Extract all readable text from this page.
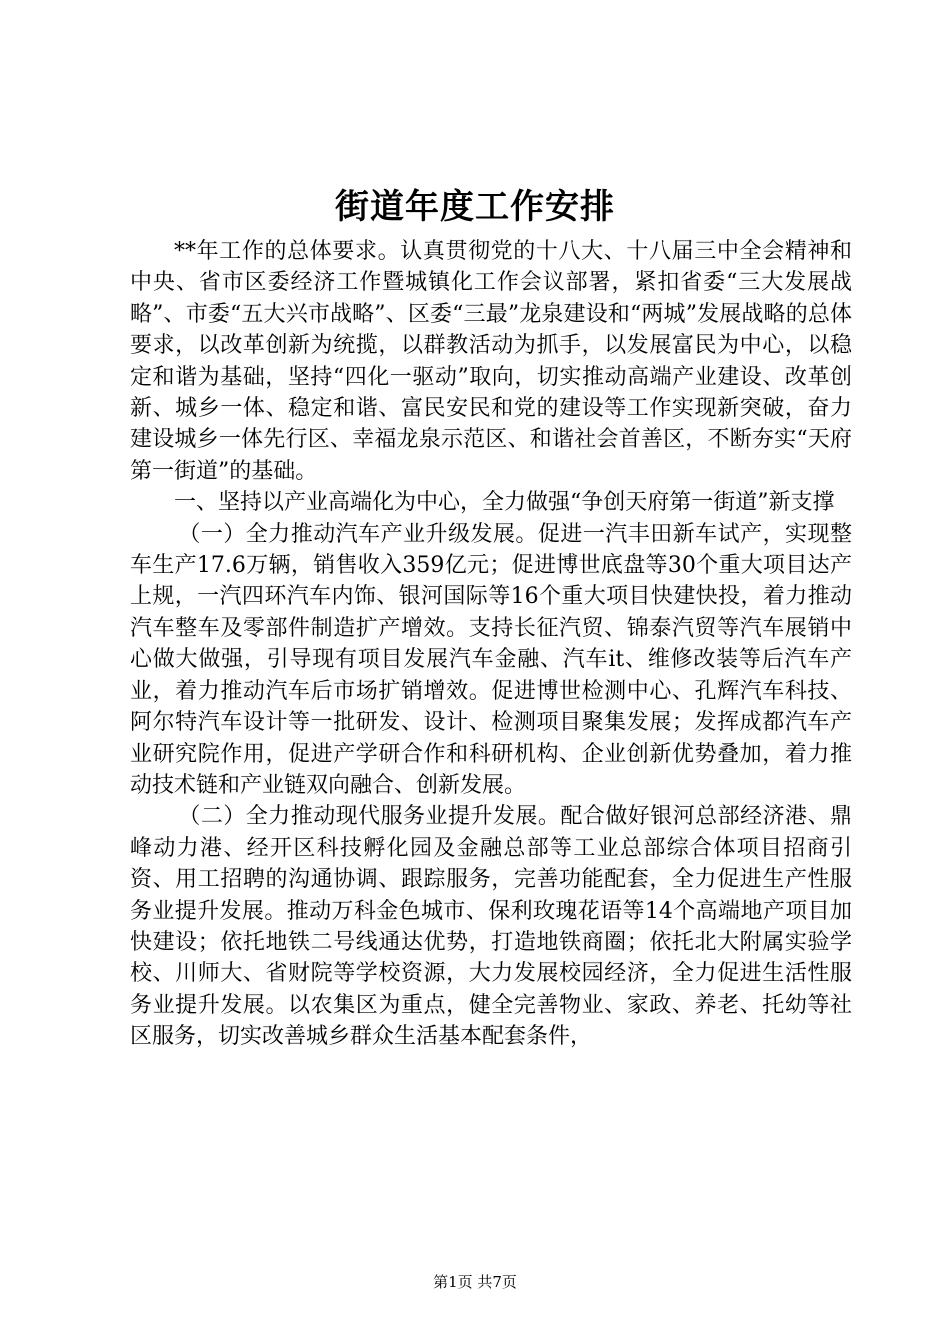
街道年度工作安排

**年工作的总体要求。认真贯彻党的十八大、十八届三中全会精神和中央、省市区委经济工作暨城镇化工作会议部署，紧扣省委“三大发展战略”、市委“五大兴市战略”、区委“三最”龙泉建设和“两城”发展战略的总体要求，以改革创新为统揽，以群教活动为抓手，以发展富民为中心，以稳定和谐为基础，坚持“四化一驱动”取向，切实推动高端产业建设、改革创新、城乡一体、稳定和谐、富民安民和党的建设等工作实现新突破，奋力建设城乡一体先行区、幸福龙泉示范区、和谐社会首善区，不断夯实“天府第一街道”的基础。

一、坚持以产业高端化为中心，全力做强“争创天府第一街道”新支撑

（一）全力推动汽车产业升级发展。促进一汽丰田新车试产，实现整车生产17.6万辆，销售收入359亿元；促进博世底盘等30个重大项目达产上规，一汽四环汽车内饰、银河国际等16个重大项目快建快投，着力推动汽车整车及零部件制造扩产增效。支持长征汽贸、锦泰汽贸等汽车展销中心做大做强，引导现有项目发展汽车金融、汽车it、维修改装等后汽车产业，着力推动汽车后市场扩销增效。促进博世检测中心、孔辉汽车科技、阿尔特汽车设计等一批研发、设计、检测项目聚集发展；发挥成都汽车产业研究院作用，促进产学研合作和科研机构、企业创新优势叠加，着力推动技术链和产业链双向融合、创新发展。

（二）全力推动现代服务业提升发展。配合做好银河总部经济港、鼎峰动力港、经开区科技孵化园及金融总部等工业总部综合体项目招商引资、用工招聘的沟通协调、跟踪服务，完善功能配套，全力促进生产性服务业提升发展。推动万科金色城市、保利玫瑰花语等14个高端地产项目加快建设；依托地铁二号线通达优势，打造地铁商圈；依托北大附属实验学校、川师大、省财院等学校资源，大力发展校园经济，全力促进生活性服务业提升发展。以农集区为重点，健全完善物业、家政、养老、托幼等社区服务，切实改善城乡群众生活基本配套条件，

第1页 共7页
